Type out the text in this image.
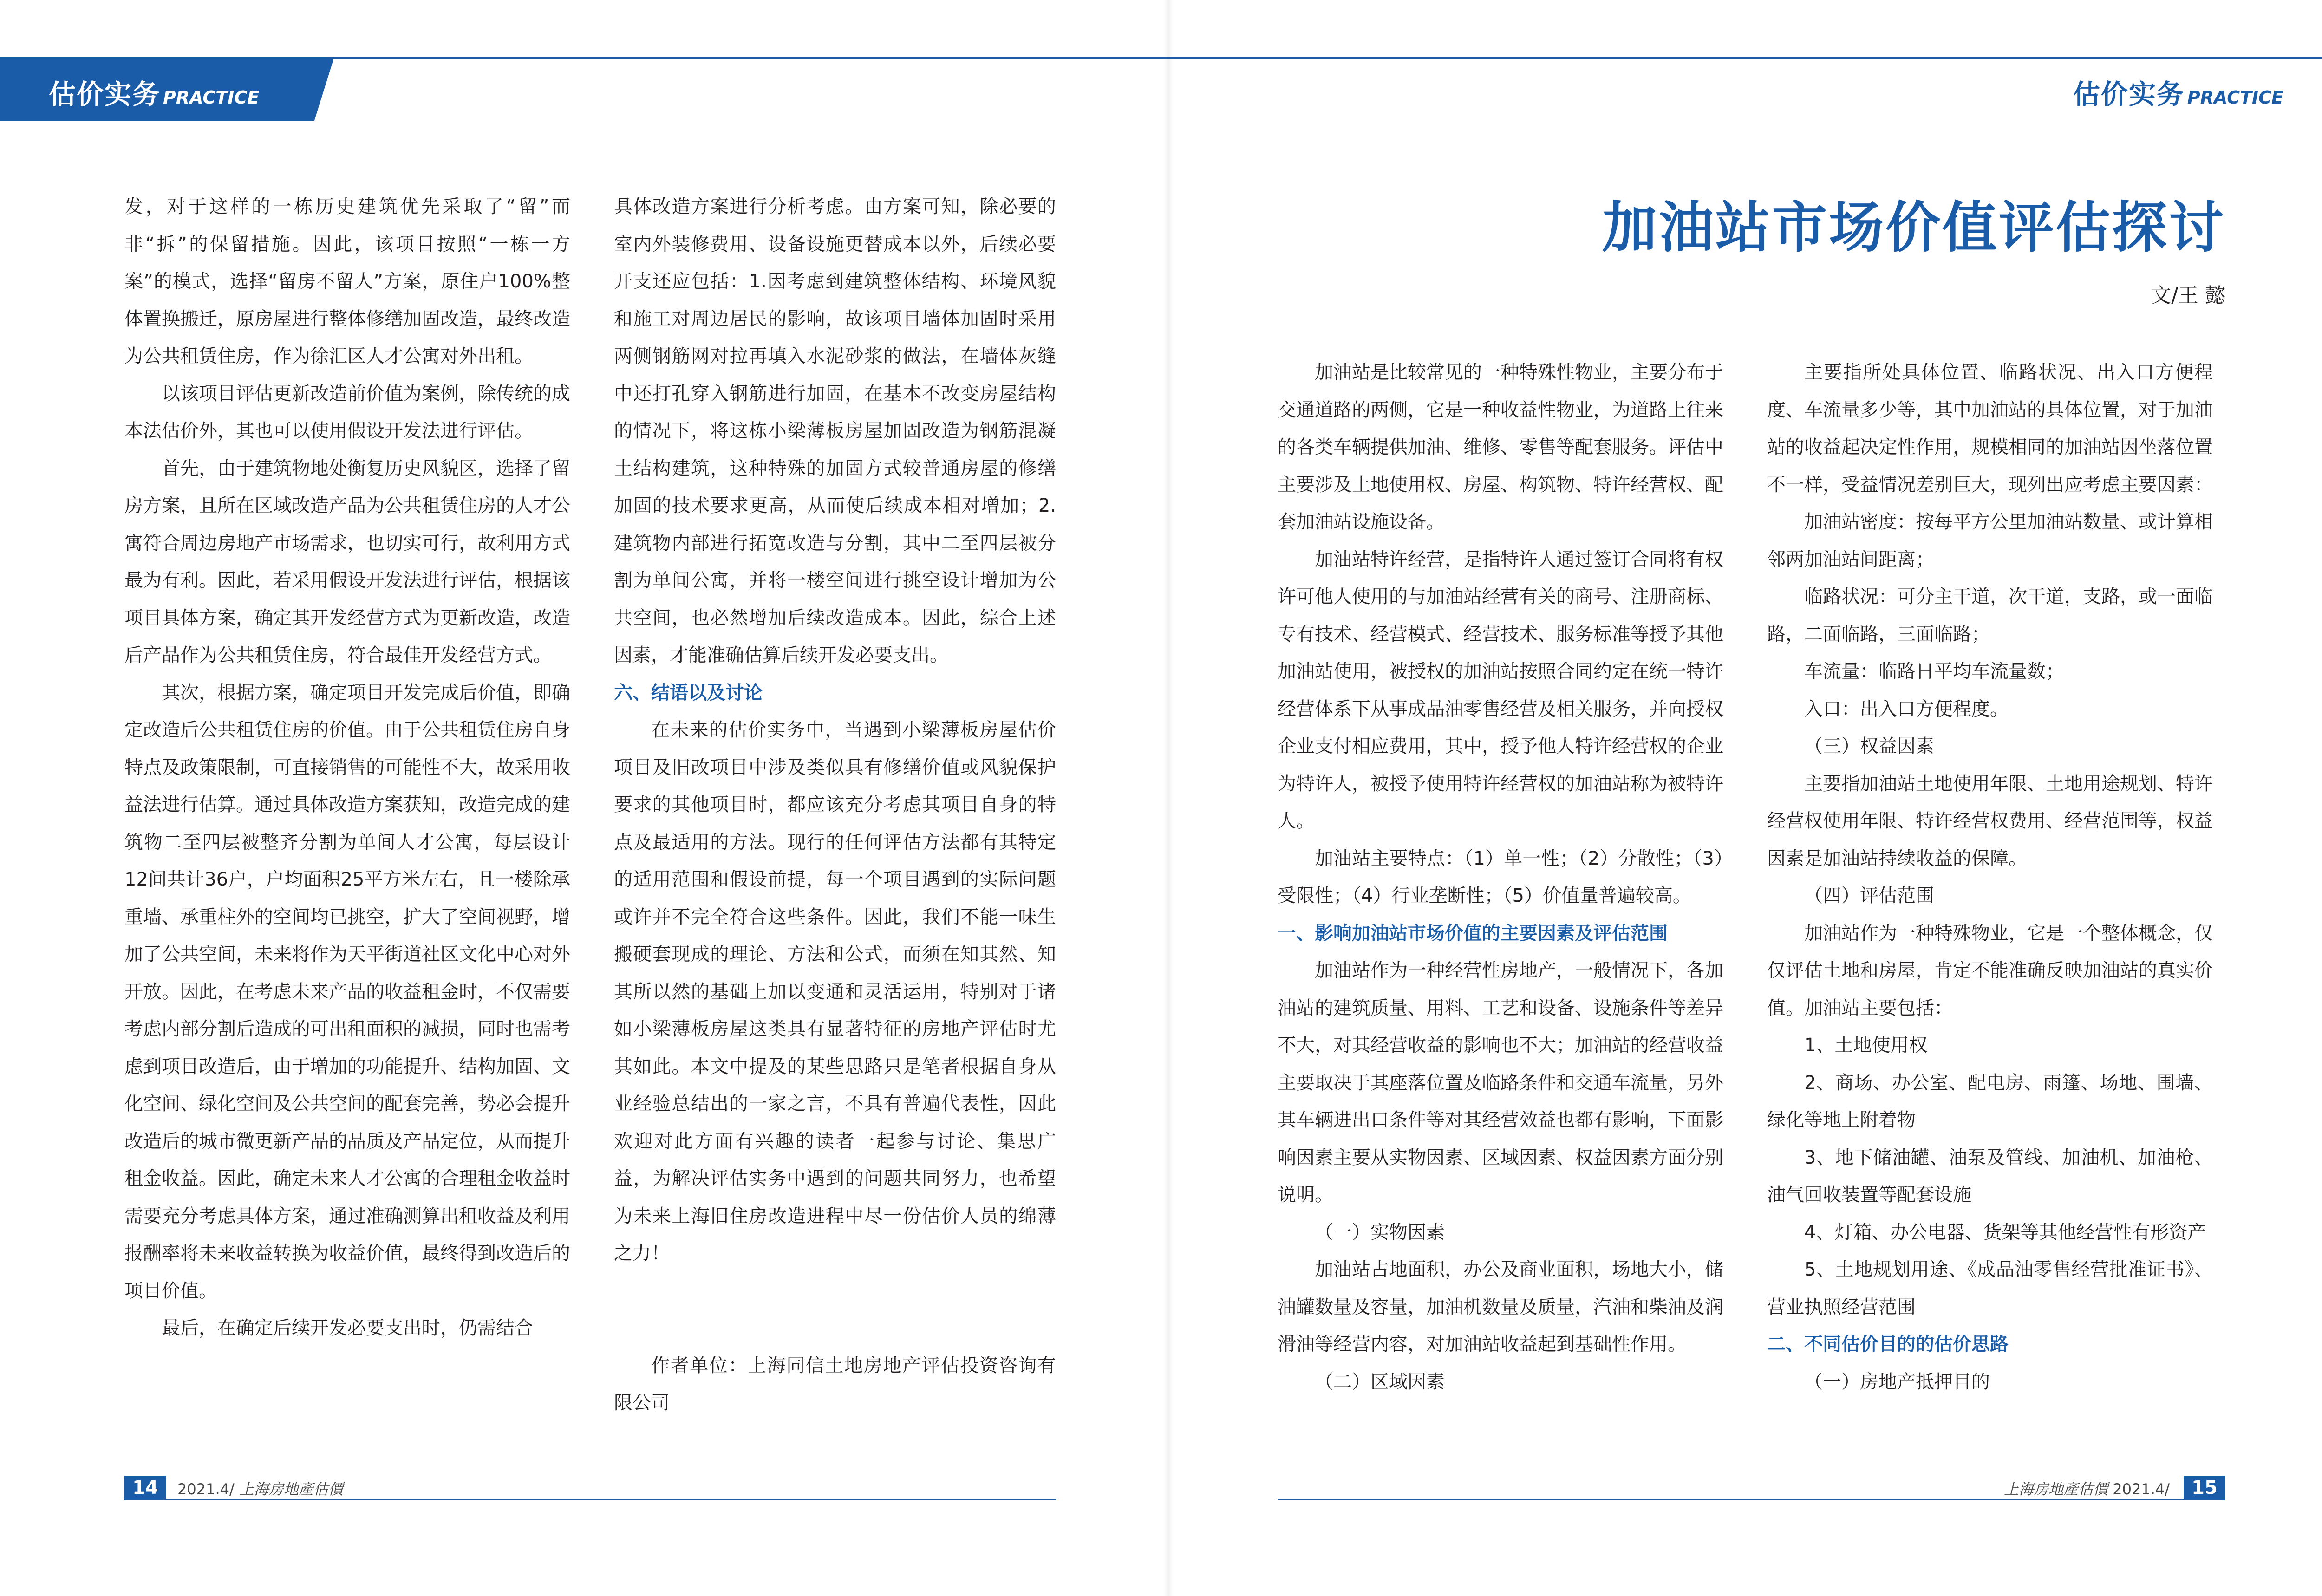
估价实务 PRACTICE

发，对于这样的一栋历史建筑优先采取了“留”而非“拆”的保留措施。因此，该项目按照“一栋一方案”的模式，选择“留房不留人”方案，原住户100%整体置换搬迁，原房屋进行整体修缮加固改造，最终改造为公共租赁住房，作为徐汇区人才公寓对外出租。

以该项目评估更新改造前价值为案例，除传统的成本法估价外，其也可以使用假设开发法进行评估。

首先，由于建筑物地处衡复历史风貌区，选择了留房方案，且所在区域改造产品为公共租赁住房的人才公寓符合周边房地产市场需求，也切实可行，故利用方式最为有利。因此，若采用假设开发法进行评估，根据该项目具体方案，确定其开发经营方式为更新改造，改造后产品作为公共租赁住房，符合最佳开发经营方式。

其次，根据方案，确定项目开发完成后价值，即确定改造后公共租赁住房的价值。由于公共租赁住房自身特点及政策限制，可直接销售的可能性不大，故采用收益法进行估算。通过具体改造方案获知，改造完成的建筑物二至四层被整齐分割为单间人才公寓，每层设计12间共计36户，户均面积25平方米左右，且一楼除承重墙、承重柱外的空间均已挑空，扩大了空间视野，增加了公共空间，未来将作为天平街道社区文化中心对外开放。因此，在考虑未来产品的收益租金时，不仅需要考虑内部分割后造成的可出租面积的减损，同时也需考虑到项目改造后，由于增加的功能提升、结构加固、文化空间、绿化空间及公共空间的配套完善，势必会提升改造后的城市微更新产品的品质及产品定位，从而提升租金收益。因此，确定未来人才公寓的合理租金收益时需要充分考虑具体方案，通过准确测算出租收益及利用报酬率将未来收益转换为收益价值，最终得到改造后的项目价值。

最后，在确定后续开发必要支出时，仍需结合

具体改造方案进行分析考虑。由方案可知，除必要的室内外装修费用、设备设施更替成本以外，后续必要开支还应包括：1.因考虑到建筑整体结构、环境风貌和施工对周边居民的影响，故该项目墙体加固时采用两侧钢筋网对拉再填入水泥砂浆的做法，在墙体灰缝中还打孔穿入钢筋进行加固，在基本不改变房屋结构的情况下，将这栋小梁薄板房屋加固改造为钢筋混凝土结构建筑，这种特殊的加固方式较普通房屋的修缮加固的技术要求更高，从而使后续成本相对增加；2.建筑物内部进行拓宽改造与分割，其中二至四层被分割为单间公寓，并将一楼空间进行挑空设计增加为公共空间，也必然增加后续改造成本。因此，综合上述因素，才能准确估算后续开发必要支出。

六、结语以及讨论

在未来的估价实务中，当遇到小梁薄板房屋估价项目及旧改项目中涉及类似具有修缮价值或风貌保护要求的其他项目时，都应该充分考虑其项目自身的特点及最适用的方法。现行的任何评估方法都有其特定的适用范围和假设前提，每一个项目遇到的实际问题或许并不完全符合这些条件。因此，我们不能一味生搬硬套现成的理论、方法和公式，而须在知其然、知其所以然的基础上加以变通和灵活运用，特别对于诸如小梁薄板房屋这类具有显著特征的房地产评估时尤其如此。本文中提及的某些思路只是笔者根据自身从业经验总结出的一家之言，不具有普遍代表性，因此欢迎对此方面有兴趣的读者一起参与讨论、集思广益，为解决评估实务中遇到的问题共同努力，也希望为未来上海旧住房改造进程中尽一份估价人员的绵薄之力！

作者单位：上海同信土地房地产评估投资咨询有限公司

14	2021.4/ 上海房地產估價
估价实务 PRACTICE
加油站市场价值评估探讨
文/王 懿

加油站是比较常见的一种特殊性物业，主要分布于交通道路的两侧，它是一种收益性物业，为道路上往来的各类车辆提供加油、维修、零售等配套服务。评估中主要涉及土地使用权、房屋、构筑物、特许经营权、配套加油站设施设备。

加油站特许经营，是指特许人通过签订合同将有权许可他人使用的与加油站经营有关的商号、注册商标、专有技术、经营模式、经营技术、服务标准等授予其他加油站使用，被授权的加油站按照合同约定在统一特许经营体系下从事成品油零售经营及相关服务，并向授权企业支付相应费用，其中，授予他人特许经营权的企业为特许人，被授予使用特许经营权的加油站称为被特许人。

加油站主要特点：（1）单一性；（2）分散性；（3）受限性；（4）行业垄断性；（5）价值量普遍较高。

一、影响加油站市场价值的主要因素及评估范围

加油站作为一种经营性房地产，一般情况下，各加油站的建筑质量、用料、工艺和设备、设施条件等差异不大，对其经营收益的影响也不大；加油站的经营收益主要取决于其座落位置及临路条件和交通车流量，另外其车辆进出口条件等对其经营效益也都有影响，下面影响因素主要从实物因素、区域因素、权益因素方面分别说明。

（一）实物因素

加油站占地面积，办公及商业面积，场地大小，储油罐数量及容量，加油机数量及质量，汽油和柴油及润滑油等经营内容，对加油站收益起到基础性作用。

（二）区域因素

主要指所处具体位置、临路状况、出入口方便程度、车流量多少等，其中加油站的具体位置，对于加油站的收益起决定性作用，规模相同的加油站因坐落位置不一样，受益情况差别巨大，现列出应考虑主要因素：

加油站密度：按每平方公里加油站数量、或计算相邻两加油站间距离；

临路状况：可分主干道，次干道，支路，或一面临路，二面临路，三面临路；

车流量：临路日平均车流量数；

入口：出入口方便程度。

（三）权益因素

主要指加油站土地使用年限、土地用途规划、特许经营权使用年限、特许经营权费用、经营范围等，权益因素是加油站持续收益的保障。

（四）评估范围

加油站作为一种特殊物业，它是一个整体概念，仅仅评估土地和房屋，肯定不能准确反映加油站的真实价值。加油站主要包括：

1、土地使用权

2、商场、办公室、配电房、雨篷、场地、围墙、绿化等地上附着物

3、地下储油罐、油泵及管线、加油机、加油枪、油气回收装置等配套设施

4、灯箱、办公电器、货架等其他经营性有形资产

5、土地规划用途、《成品油零售经营批准证书》、营业执照经营范围

二、不同估价目的的估价思路

（一）房地产抵押目的

上海房地產估價 2021.4/	15
